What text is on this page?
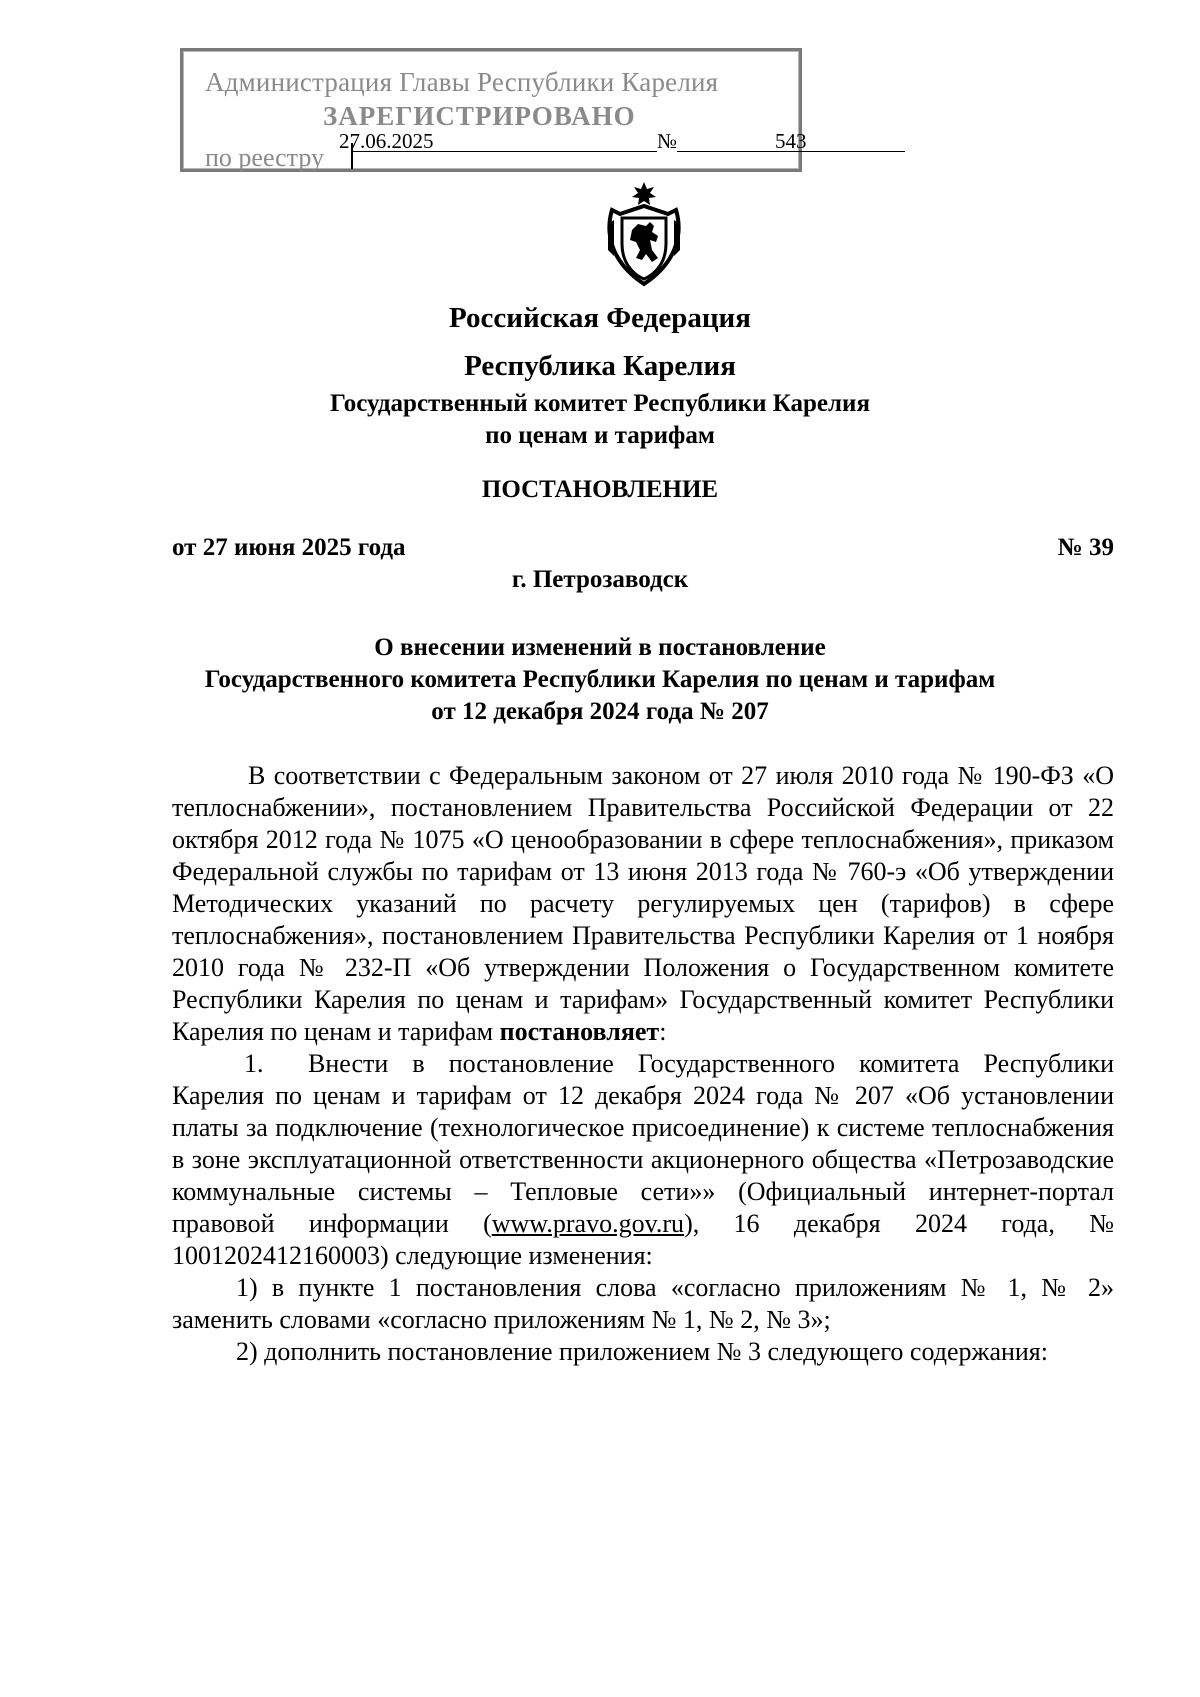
Администрация Главы Республики Карелия
ЗАРЕГИСТРИРОВАНО
по реестру
27.06.2025	№	543
Российская Федерация
Республика Карелия
Государственный комитет Республики Карелия
по ценам и тарифам
ПОСТАНОВЛЕНИЕ
от 27 июня 2025 года	№ 39
г. Петрозаводск
О внесении изменений в постановление
Государственного комитета Республики Карелия по ценам и тарифам
от 12 декабря 2024 года № 207

В соответствии с Федеральным законом от 27 июля 2010 года № 190-ФЗ «О теплоснабжении», постановлением Правительства Российской Федерации от 22 октября 2012 года № 1075 «О ценообразовании в сфере теплоснабжения», приказом Федеральной службы по тарифам от 13 июня 2013 года № 760-э «Об утверждении Методических указаний по расчету регулируемых цен (тарифов) в сфере теплоснабжения», постановлением Правительства Республики Карелия от 1 ноября 2010 года № 232-П «Об утверждении Положения о Государственном комитете Республики Карелия по ценам и тарифам» Государственный комитет Республики Карелия по ценам и тарифам постановляет:

1. Внести в постановление Государственного комитета Республики Карелия по ценам и тарифам от 12 декабря 2024 года № 207 «Об установлении платы за подключение (технологическое присоединение) к системе теплоснабжения в зоне эксплуатационной ответственности акционерного общества «Петрозаводские коммунальные системы – Тепловые сети»» (Официальный интернет-портал правовой информации (www.pravo.gov.ru), 16 декабря 2024 года, № 1001202412160003) следующие изменения:

1) в пункте 1 постановления слова «согласно приложениям № 1, № 2» заменить словами «согласно приложениям № 1, № 2, № 3»;

2) дополнить постановление приложением № 3 следующего содержания:
